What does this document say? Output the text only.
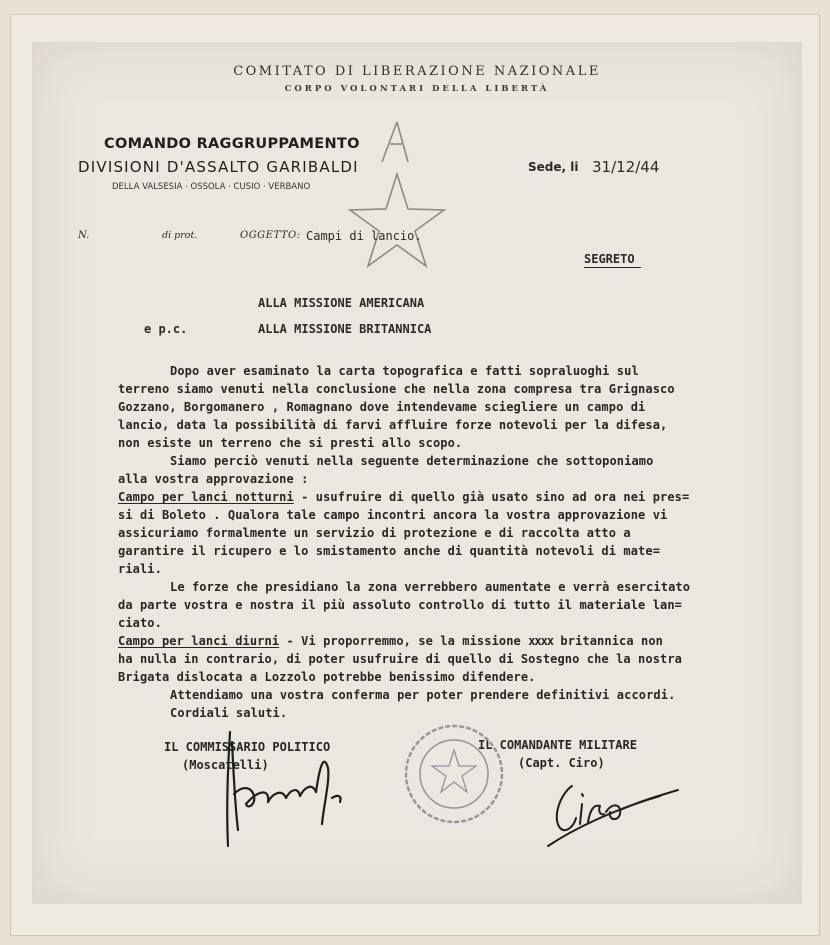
COMITATO DI LIBERAZIONE NAZIONALE
CORPO VOLONTARI DELLA LIBERTÀ
COMANDO RAGGRUPPAMENTO
DIVISIONI D'ASSALTO GARIBALDI
DELLA VALSESIA · OSSOLA · CUSIO · VERBANO
Sede, li 31/12/44
N.	di prot.	OGGETTO: Campi di lancio.
SEGRETO
ALLA MISSIONE AMERICANA
e p.c.	ALLA MISSIONE BRITANNICA
Dopo aver esaminato la carta topografica e fatti sopraluoghi sul
terreno siamo venuti nella conclusione che nella zona compresa tra Grignasco
Gozzano, Borgomanero , Romagnano dove intendevame sciegliere un campo di
lancio, data la possibilità di farvi affluire forze notevoli per la difesa,
non esiste un terreno che si presti allo scopo.
Siamo perciò venuti nella seguente determinazione che sottoponiamo
alla vostra approvazione :
Campo per lanci notturni - usufruire di quello già usato sino ad ora nei pres=
si di Boleto . Qualora tale campo incontri ancora la vostra approvazione vi
assicuriamo formalmente un servizio di protezione e di raccolta atto a
garantire il ricupero e lo smistamento anche di quantità notevoli di mate=
riali.
Le forze che presidiano la zona verrebbero aumentate e verrà esercitato
da parte vostra e nostra il più assoluto controllo di tutto il materiale lan=
ciato.
Campo per lanci diurni - Vi proporremmo, se la missione xxxx britannica non
ha nulla in contrario, di poter usufruire di quello di Sostegno che la nostra
Brigata dislocata a Lozzolo potrebbe benissimo difendere.
Attendiamo una vostra conferma per poter prendere definitivi accordi.
Cordiali saluti.
IL COMMISSARIO POLITICO
(Moscatelli)
IL COMANDANTE MILITARE
(Capt. Ciro)
